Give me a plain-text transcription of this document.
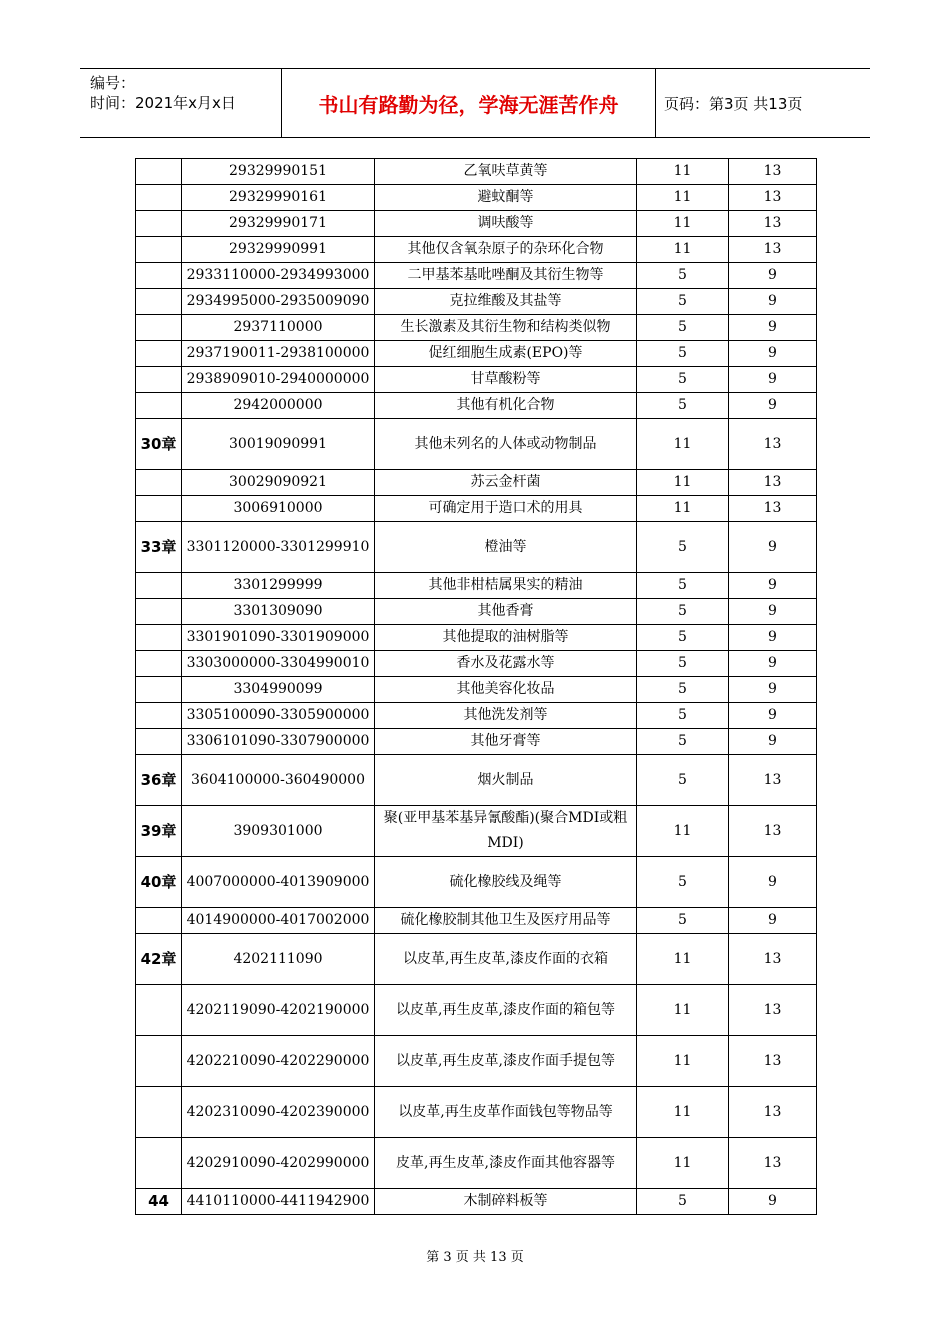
编号：
时间：2021年x月x日	书山有路勤为径，学海无涯苦作舟	页码：第3页 共13页
	29329990151	乙氧呋草黄等	11	13
	29329990161	避蚊酮等	11	13
	29329990171	调呋酸等	11	13
	29329990991	其他仅含氧杂原子的杂环化合物	11	13
	2933110000-2934993000	二甲基苯基吡唑酮及其衍生物等	5	9
	2934995000-2935009090	克拉维酸及其盐等	5	9
	2937110000	生长激素及其衍生物和结构类似物	5	9
	2937190011-2938100000	促红细胞生成素(EPO)等	5	9
	2938909010-2940000000	甘草酸粉等	5	9
	2942000000	其他有机化合物	5	9
30章	30019090991	其他未列名的人体或动物制品	11	13
	30029090921	苏云金杆菌	11	13
	3006910000	可确定用于造口术的用具	11	13
33章	3301120000-3301299910	橙油等	5	9
	3301299999	其他非柑桔属果实的精油	5	9
	3301309090	其他香膏	5	9
	3301901090-3301909000	其他提取的油树脂等	5	9
	3303000000-3304990010	香水及花露水等	5	9
	3304990099	其他美容化妆品	5	9
	3305100090-3305900000	其他洗发剂等	5	9
	3306101090-3307900000	其他牙膏等	5	9
36章	3604100000-360490000	烟火制品	5	13
39章	3909301000	聚(亚甲基苯基异氰酸酯)(聚合MDI或粗MDI)	11	13
40章	4007000000-4013909000	硫化橡胶线及绳等	5	9
	4014900000-4017002000	硫化橡胶制其他卫生及医疗用品等	5	9
42章	4202111090	以皮革,再生皮革,漆皮作面的衣箱	11	13
	4202119090-4202190000	以皮革,再生皮革,漆皮作面的箱包等	11	13
	4202210090-4202290000	以皮革,再生皮革,漆皮作面手提包等	11	13
	4202310090-4202390000	以皮革,再生皮革作面钱包等物品等	11	13
	4202910090-4202990000	皮革,再生皮革,漆皮作面其他容器等	11	13
44	4410110000-4411942900	木制碎料板等	5	9
第 3 页 共 13 页
